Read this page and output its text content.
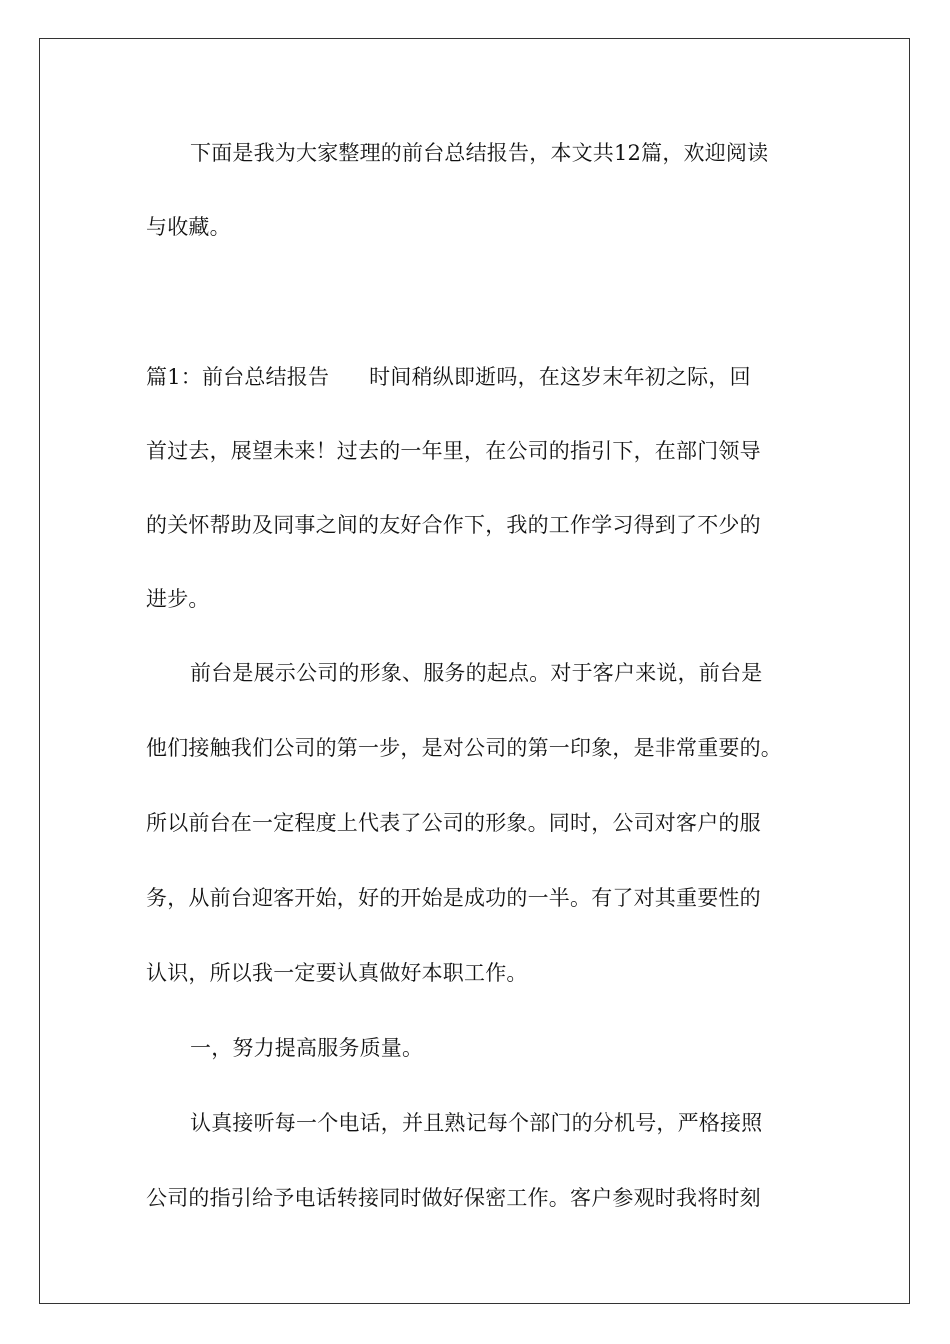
下面是我为大家整理的前台总结报告，本文共12篇，欢迎阅读
与收藏。
篇1：前台总结报告 时间稍纵即逝吗，在这岁末年初之际，回
首过去，展望未来！过去的一年里，在公司的指引下，在部门领导
的关怀帮助及同事之间的友好合作下，我的工作学习得到了不少的
进步。
前台是展示公司的形象、服务的起点。对于客户来说，前台是
他们接触我们公司的第一步，是对公司的第一印象，是非常重要的。
所以前台在一定程度上代表了公司的形象。同时，公司对客户的服
务，从前台迎客开始，好的开始是成功的一半。有了对其重要性的
认识，所以我一定要认真做好本职工作。
一，努力提高服务质量。
认真接听每一个电话，并且熟记每个部门的分机号，严格接照
公司的指引给予电话转接同时做好保密工作。客户参观时我将时刻
